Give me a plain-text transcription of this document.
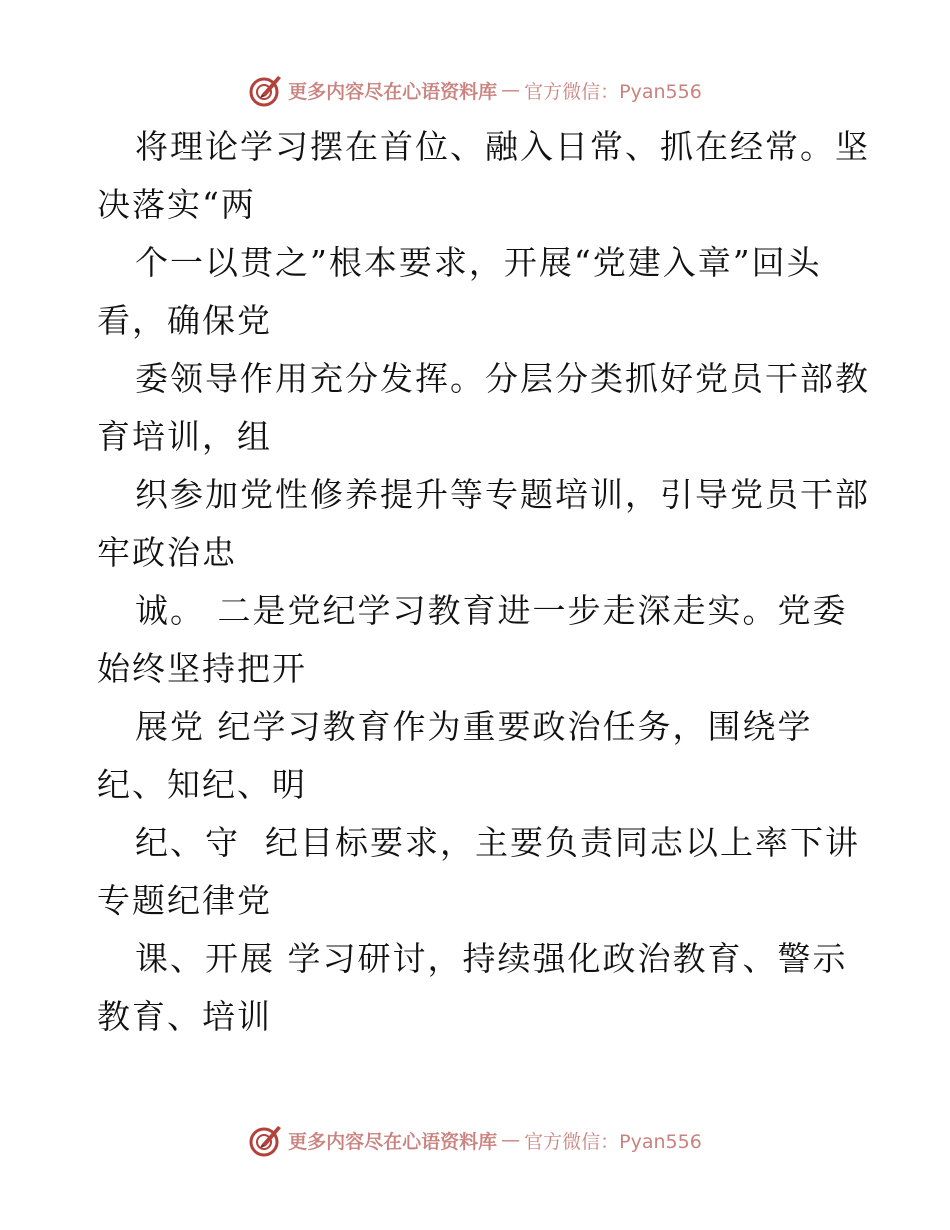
更多内容尽在心语资料库 — 官方微信：Pyan556
将理论学习摆在首位、融入日常、抓在经常。坚
决落实“两
个一以贯之”根本要求，开展“党建入章”回头
看，确保党
委领导作用充分发挥。分层分类抓好党员干部教
育培训，组
织参加党性修养提升等专题培训，引导党员干部
牢政治忠
诚。 二是党纪学习教育进一步走深走实。党委
始终坚持把开
展党 纪学习教育作为重要政治任务，围绕学
纪、知纪、明
纪、守  纪目标要求，主要负责同志以上率下讲
专题纪律党
课、开展 学习研讨，持续强化政治教育、警示
教育、培训
更多内容尽在心语资料库 — 官方微信：Pyan556
